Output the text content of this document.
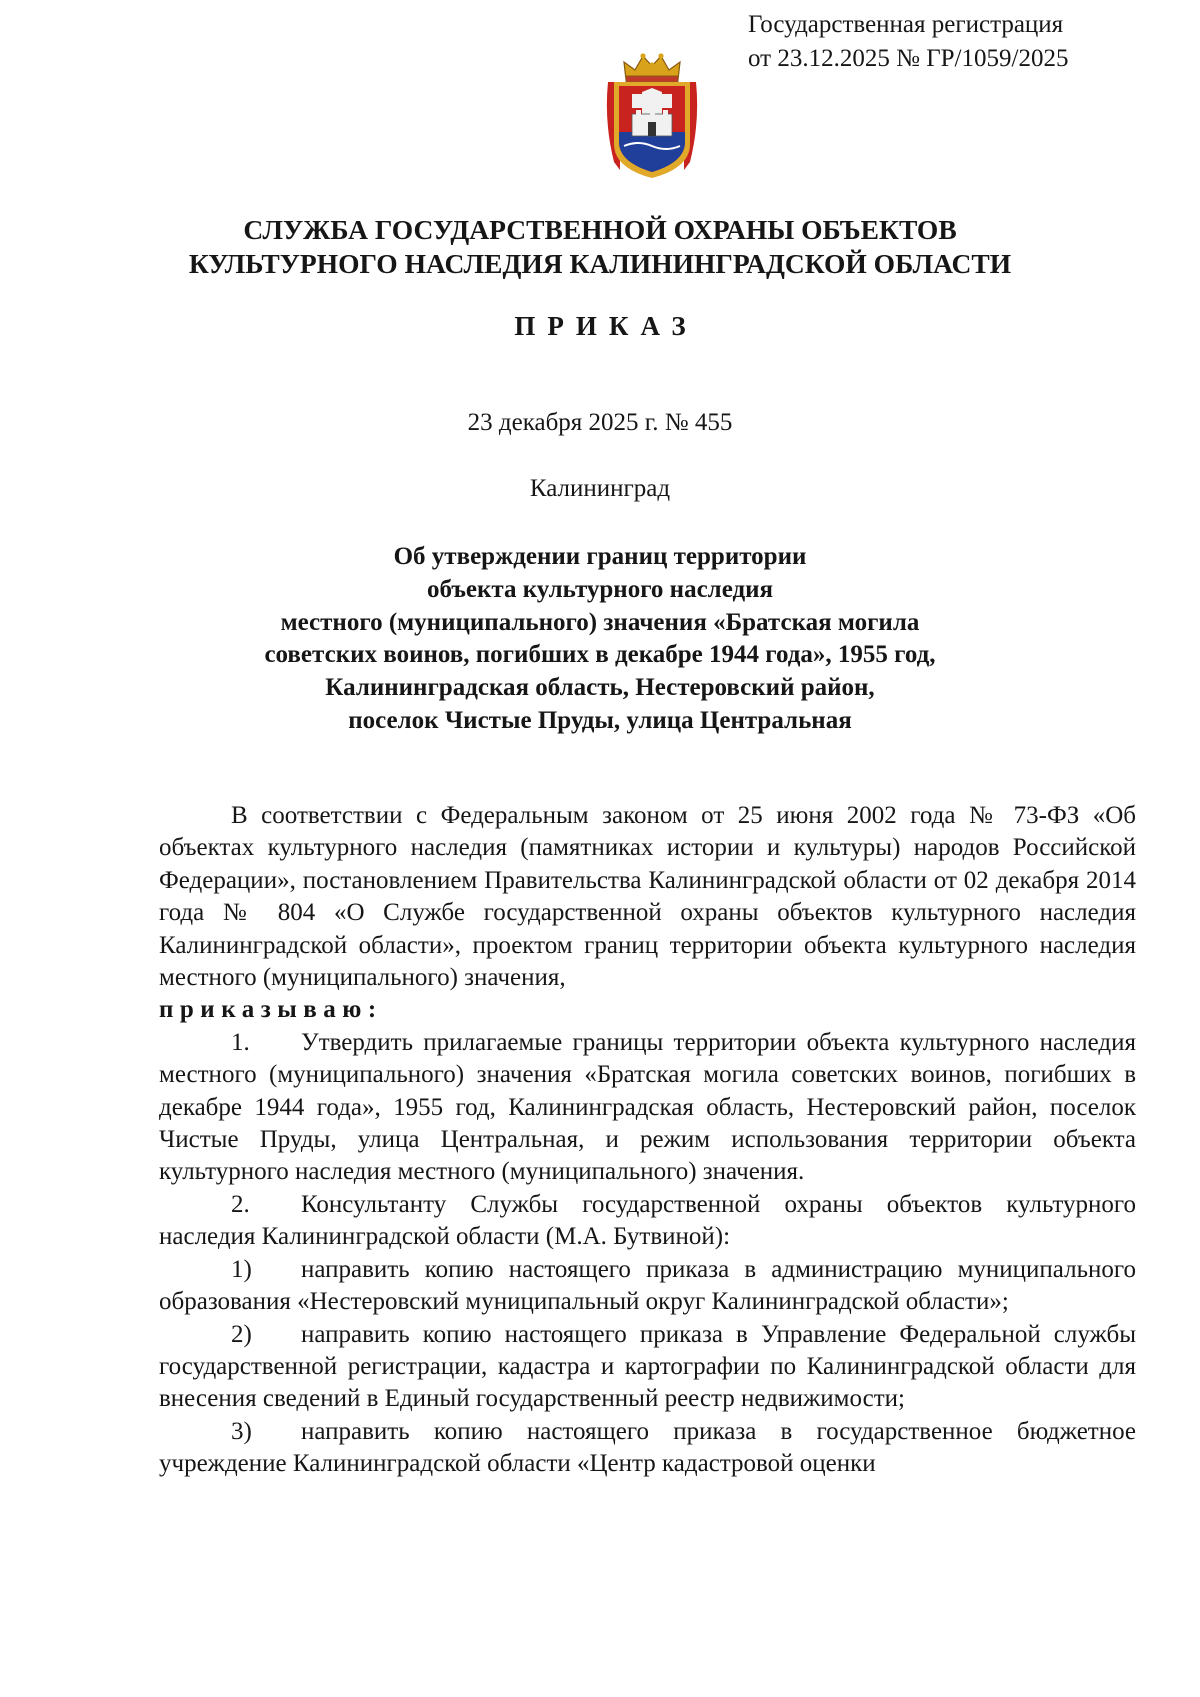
Государственная регистрация
от 23.12.2025 № ГР/1059/2025
СЛУЖБА ГОСУДАРСТВЕННОЙ ОХРАНЫ ОБЪЕКТОВ
КУЛЬТУРНОГО НАСЛЕДИЯ КАЛИНИНГРАДСКОЙ ОБЛАСТИ
ПРИКАЗ
23 декабря 2025 г. № 455
Калининград
Об утверждении границ территории
объекта культурного наследия
местного (муниципального) значения «Братская могила
советских воинов, погибших в декабре 1944 года», 1955 год,
Калининградская область, Нестеровский район,
поселок Чистые Пруды, улица Центральная

В соответствии с Федеральным законом от 25 июня 2002 года № 73-ФЗ «Об объектах культурного наследия (памятниках истории и культуры) народов Российской Федерации», постановлением Правительства Калининградской области от 02 декабря 2014 года № 804 «О Службе государственной охраны объектов культурного наследия Калининградской области», проектом границ территории объекта культурного наследия местного (муниципального) значения,

приказываю:

1. Утвердить прилагаемые границы территории объекта культурного наследия местного (муниципального) значения «Братская могила советских воинов, погибших в декабре 1944 года», 1955 год, Калининградская область, Нестеровский район, поселок Чистые Пруды, улица Центральная, и режим использования территории объекта культурного наследия местного (муниципального) значения.

2. Консультанту Службы государственной охраны объектов культурного наследия Калининградской области (М.А. Бутвиной):

1) направить копию настоящего приказа в администрацию муниципального образования «Нестеровский муниципальный округ Калининградской области»;

2) направить копию настоящего приказа в Управление Федеральной службы государственной регистрации, кадастра и картографии по Калининградской области для внесения сведений в Единый государственный реестр недвижимости;

3) направить копию настоящего приказа в государственное бюджетное учреждение Калининградской области «Центр кадастровой оценки
